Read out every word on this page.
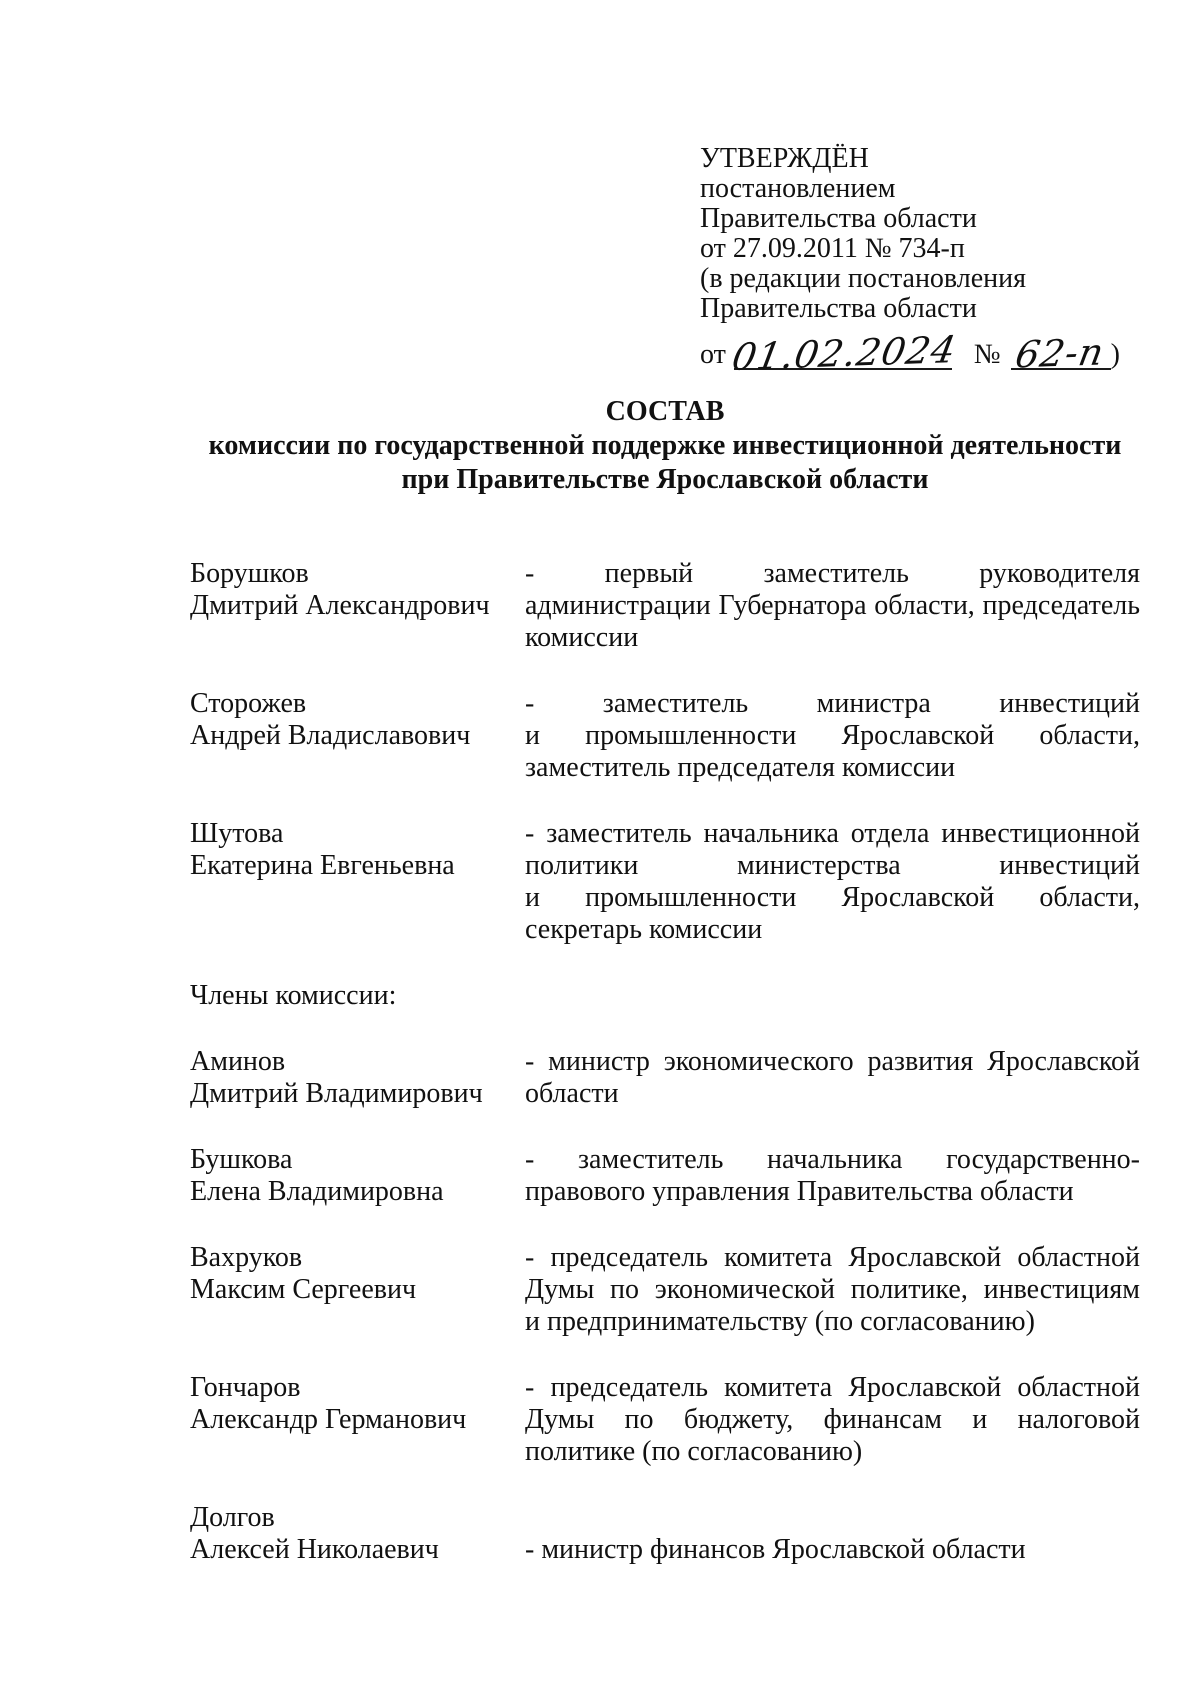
УТВЕРЖДЁН
постановлением
Правительства области
от 27.09.2011 № 734-п
(в редакции постановления
Правительства области
от 01.02.2024 № 62-п )
СОСТАВ
комиссии по государственной поддержке инвестиционной деятельности
при Правительстве Ярославской области
Борушков
Дмитрий Александрович
- первый заместитель руководителя администрации Губернатора области, председатель комиссии
Сторожев
Андрей Владиславович
- заместитель министра инвестиций и промышленности Ярославской области, заместитель председателя комиссии
Шутова
Екатерина Евгеньевна
- заместитель начальника отдела инвестиционной политики министерства инвестиций и промышленности Ярославской области, секретарь комиссии
Члены комиссии:
Аминов
Дмитрий Владимирович
- министр экономического развития Ярославской области
Бушкова
Елена Владимировна
- заместитель начальника государственно-правового управления Правительства области
Вахруков
Максим Сергеевич
- председатель комитета Ярославской областной Думы по экономической политике, инвестициям и предпринимательству (по согласованию)
Гончаров
Александр Германович
- председатель комитета Ярославской областной Думы по бюджету, финансам и налоговой политике (по согласованию)
Долгов
Алексей Николаевич	- министр финансов Ярославской области
